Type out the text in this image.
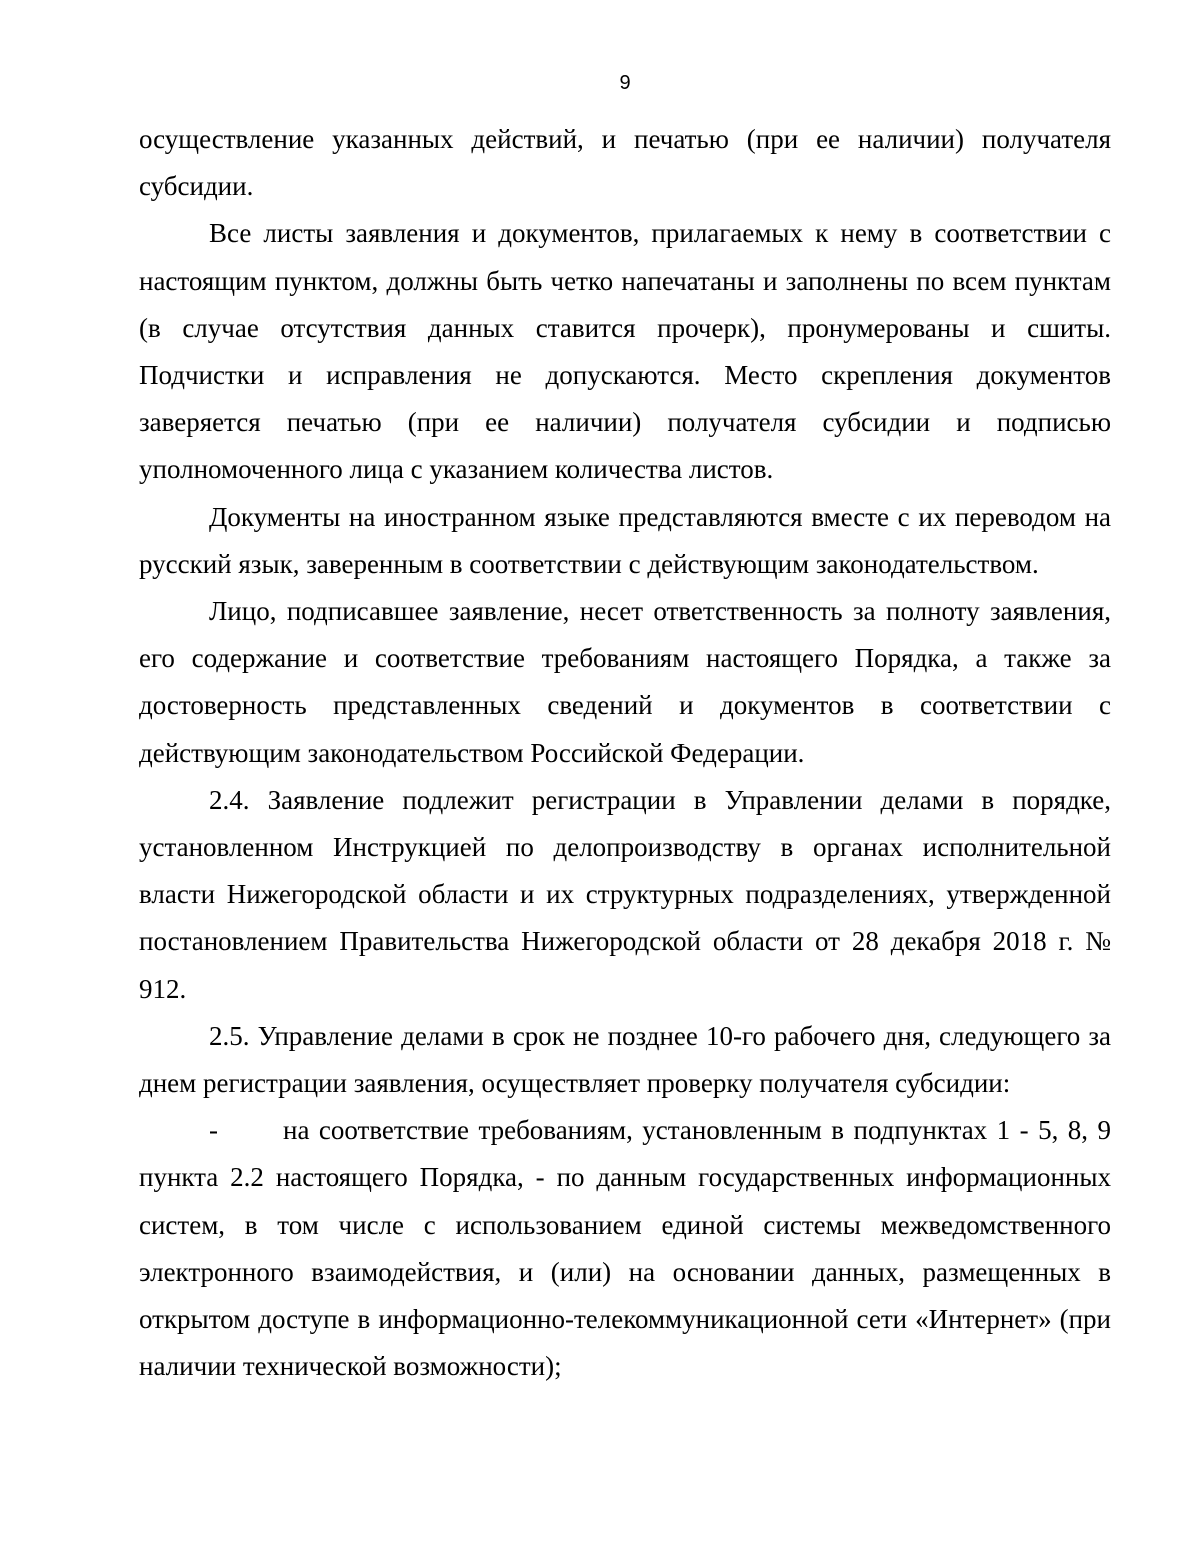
9

осуществление указанных действий, и печатью (при ее наличии) получателя субсидии.

Все листы заявления и документов, прилагаемых к нему в соответствии с настоящим пунктом, должны быть четко напечатаны и заполнены по всем пунктам (в случае отсутствия данных ставится прочерк), пронумерованы и сшиты. Подчистки и исправления не допускаются. Место скрепления документов заверяется печатью (при ее наличии) получателя субсидии и подписью уполномоченного лица с указанием количества листов.

Документы на иностранном языке представляются вместе с их переводом на русский язык, заверенным в соответствии с действующим законодательством.

Лицо, подписавшее заявление, несет ответственность за полноту заявления, его содержание и соответствие требованиям настоящего Порядка, а также за достоверность представленных сведений и документов в соответствии с действующим законодательством Российской Федерации.

2.4. Заявление подлежит регистрации в Управлении делами в порядке, установленном Инструкцией по делопроизводству в органах исполнительной власти Нижегородской области и их структурных подразделениях, утвержденной постановлением Правительства Нижегородской области от 28 декабря 2018 г. № 912.

2.5. Управление делами в срок не позднее 10-го рабочего дня, следующего за днем регистрации заявления, осуществляет проверку получателя субсидии:

- на соответствие требованиям, установленным в подпунктах 1 - 5, 8, 9 пункта 2.2 настоящего Порядка, - по данным государственных информационных систем, в том числе с использованием единой системы межведомственного электронного взаимодействия, и (или) на основании данных, размещенных в открытом доступе в информационно-телекоммуникационной сети «Интернет» (при наличии технической возможности);
